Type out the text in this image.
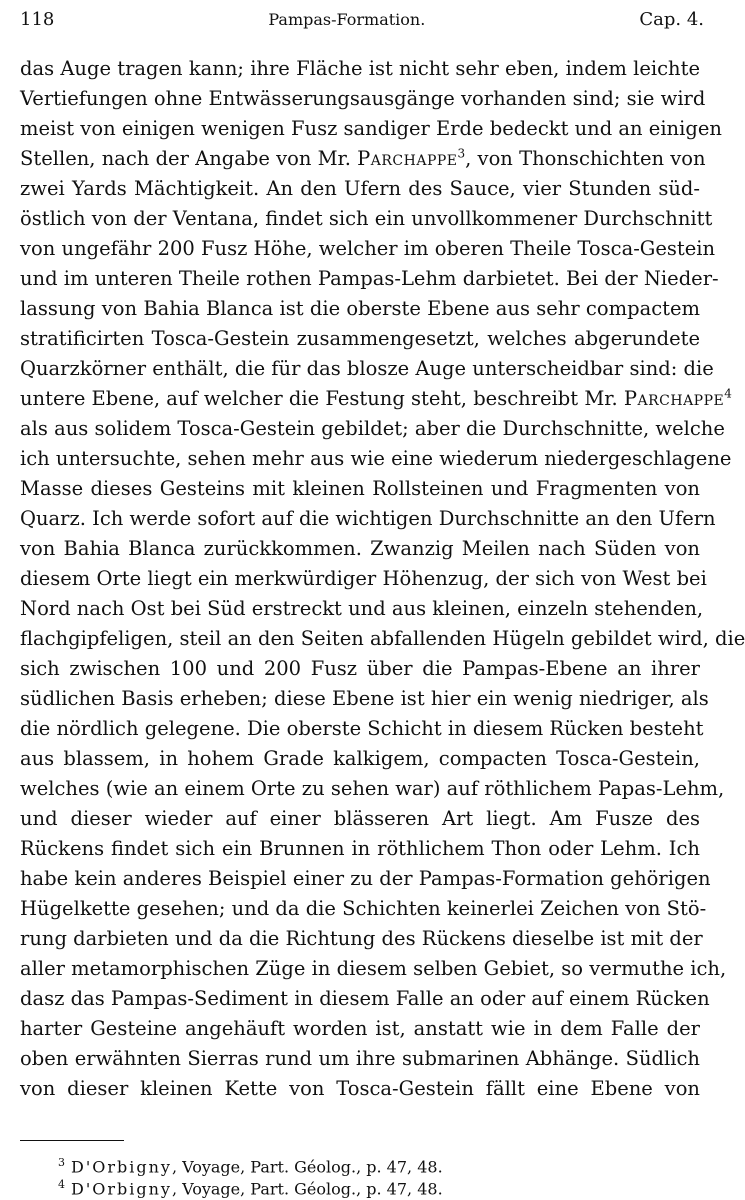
118	Pampas-Formation.	Cap. 4.
das Auge tragen kann; ihre Fläche ist nicht sehr eben, indem leichte
Vertiefungen ohne Entwässerungsausgänge vorhanden sind; sie wird
meist von einigen wenigen Fusz sandiger Erde bedeckt und an einigen
Stellen, nach der Angabe von Mr. Parchappe$^3$, von Thonschichten von
zwei Yards Mächtigkeit. An den Ufern des Sauce, vier Stunden süd-
östlich von der Ventana, findet sich ein unvollkommener Durchschnitt
von ungefähr 200 Fusz Höhe, welcher im oberen Theile Tosca-Gestein
und im unteren Theile rothen Pampas-Lehm darbietet. Bei der Nieder-
lassung von Bahia Blanca ist die oberste Ebene aus sehr compactem
stratificirten Tosca-Gestein zusammengesetzt, welches abgerundete
Quarzkörner enthält, die für das blosze Auge unterscheidbar sind: die
untere Ebene, auf welcher die Festung steht, beschreibt Mr. Parchappe$^4$
als aus solidem Tosca-Gestein gebildet; aber die Durchschnitte, welche
ich untersuchte, sehen mehr aus wie eine wiederum niedergeschlagene
Masse dieses Gesteins mit kleinen Rollsteinen und Fragmenten von
Quarz. Ich werde sofort auf die wichtigen Durchschnitte an den Ufern
von Bahia Blanca zurückkommen. Zwanzig Meilen nach Süden von
diesem Orte liegt ein merkwürdiger Höhenzug, der sich von West bei
Nord nach Ost bei Süd erstreckt und aus kleinen, einzeln stehenden,
flachgipfeligen, steil an den Seiten abfallenden Hügeln gebildet wird, die
sich zwischen 100 und 200 Fusz über die Pampas-Ebene an ihrer
südlichen Basis erheben; diese Ebene ist hier ein wenig niedriger, als
die nördlich gelegene. Die oberste Schicht in diesem Rücken besteht
aus blassem, in hohem Grade kalkigem, compacten Tosca-Gestein,
welches (wie an einem Orte zu sehen war) auf röthlichem Papas-Lehm,
und dieser wieder auf einer blässeren Art liegt. Am Fusze des
Rückens findet sich ein Brunnen in röthlichem Thon oder Lehm. Ich
habe kein anderes Beispiel einer zu der Pampas-Formation gehörigen
Hügelkette gesehen; und da die Schichten keinerlei Zeichen von Stö-
rung darbieten und da die Richtung des Rückens dieselbe ist mit der
aller metamorphischen Züge in diesem selben Gebiet, so vermuthe ich,
dasz das Pampas-Sediment in diesem Falle an oder auf einem Rücken
harter Gesteine angehäuft worden ist, anstatt wie in dem Falle der
oben erwähnten Sierras rund um ihre submarinen Abhänge. Südlich
von dieser kleinen Kette von Tosca-Gestein fällt eine Ebene von
$^3$ D'Orbigny, Voyage, Part. Géolog., p. 47, 48.
$^4$ D'Orbigny, Voyage, Part. Géolog., p. 47, 48.
